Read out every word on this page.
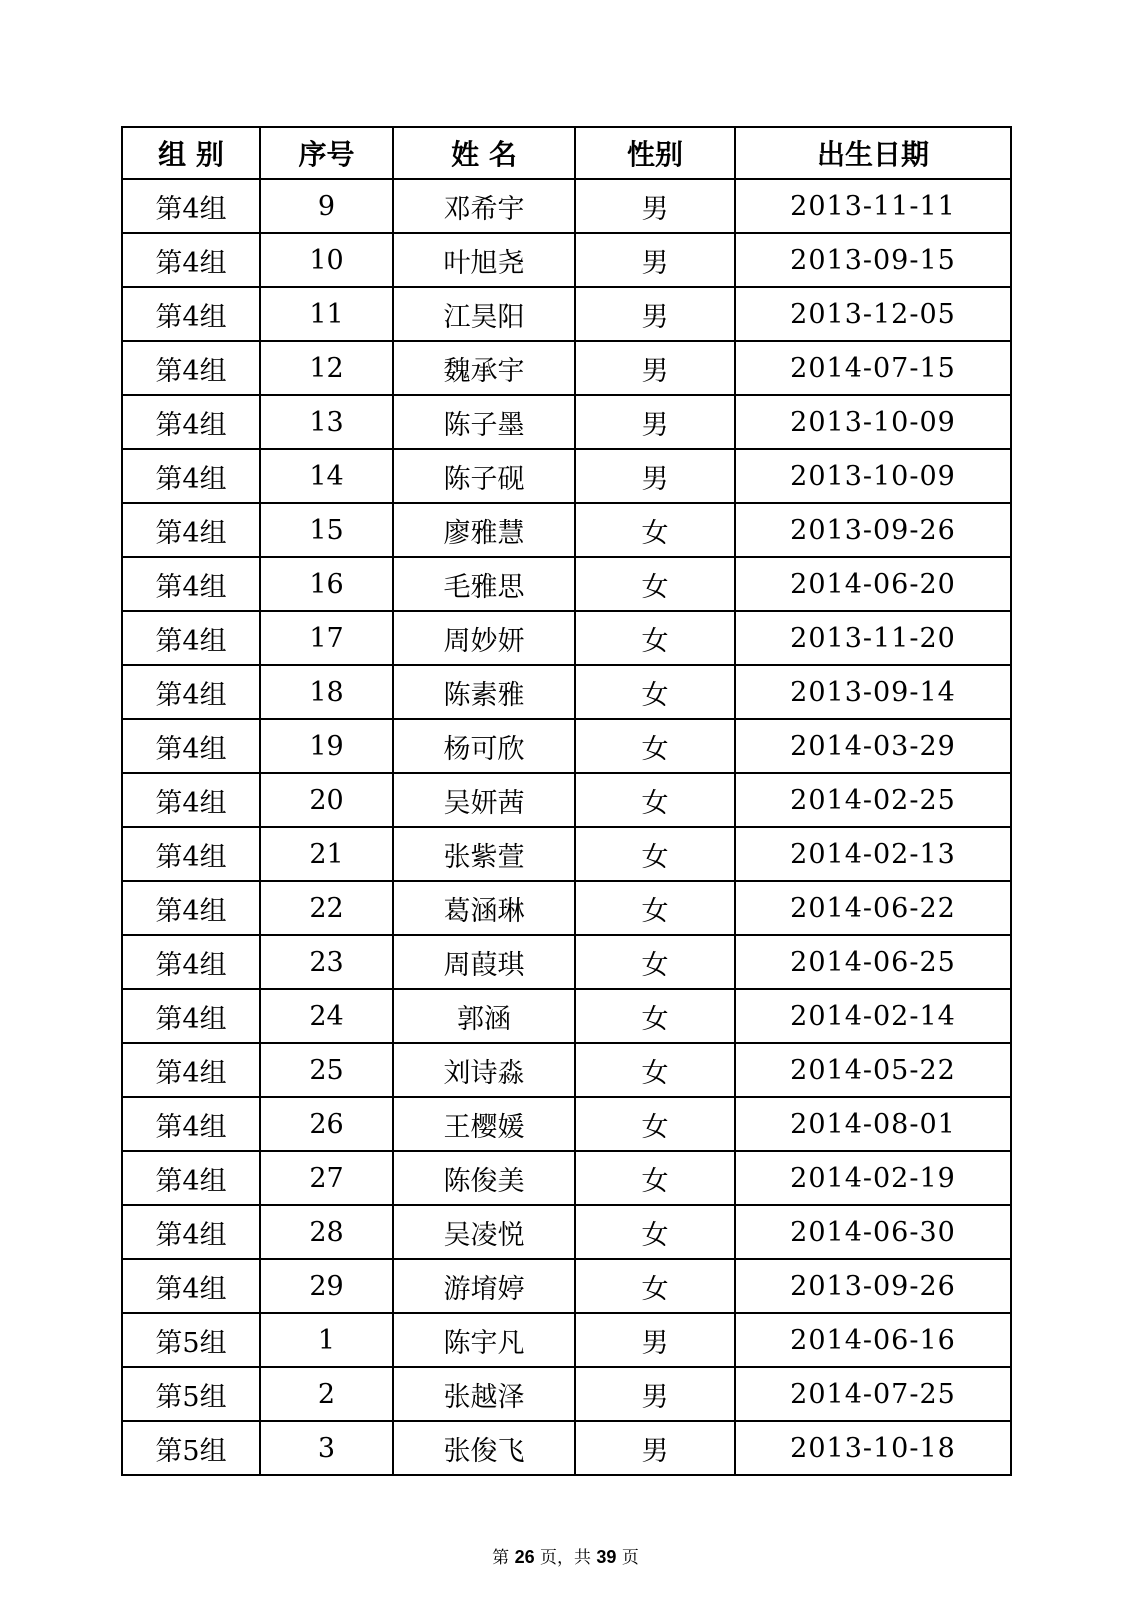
组 别	序号	姓 名	性别	出生日期
第4组	9	邓希宇	男	2013-11-11
第4组	10	叶旭尧	男	2013-09-15
第4组	11	江昊阳	男	2013-12-05
第4组	12	魏承宇	男	2014-07-15
第4组	13	陈子墨	男	2013-10-09
第4组	14	陈子砚	男	2013-10-09
第4组	15	廖雅慧	女	2013-09-26
第4组	16	毛雅思	女	2014-06-20
第4组	17	周妙妍	女	2013-11-20
第4组	18	陈素雅	女	2013-09-14
第4组	19	杨可欣	女	2014-03-29
第4组	20	吴妍茜	女	2014-02-25
第4组	21	张紫萱	女	2014-02-13
第4组	22	葛涵琳	女	2014-06-22
第4组	23	周葭琪	女	2014-06-25
第4组	24	郭涵	女	2014-02-14
第4组	25	刘诗淼	女	2014-05-22
第4组	26	王樱媛	女	2014-08-01
第4组	27	陈俊美	女	2014-02-19
第4组	28	吴凌悦	女	2014-06-30
第4组	29	游堉婷	女	2013-09-26
第5组	1	陈宇凡	男	2014-06-16
第5组	2	张越泽	男	2014-07-25
第5组	3	张俊飞	男	2013-10-18
第 26 页，共 39 页
